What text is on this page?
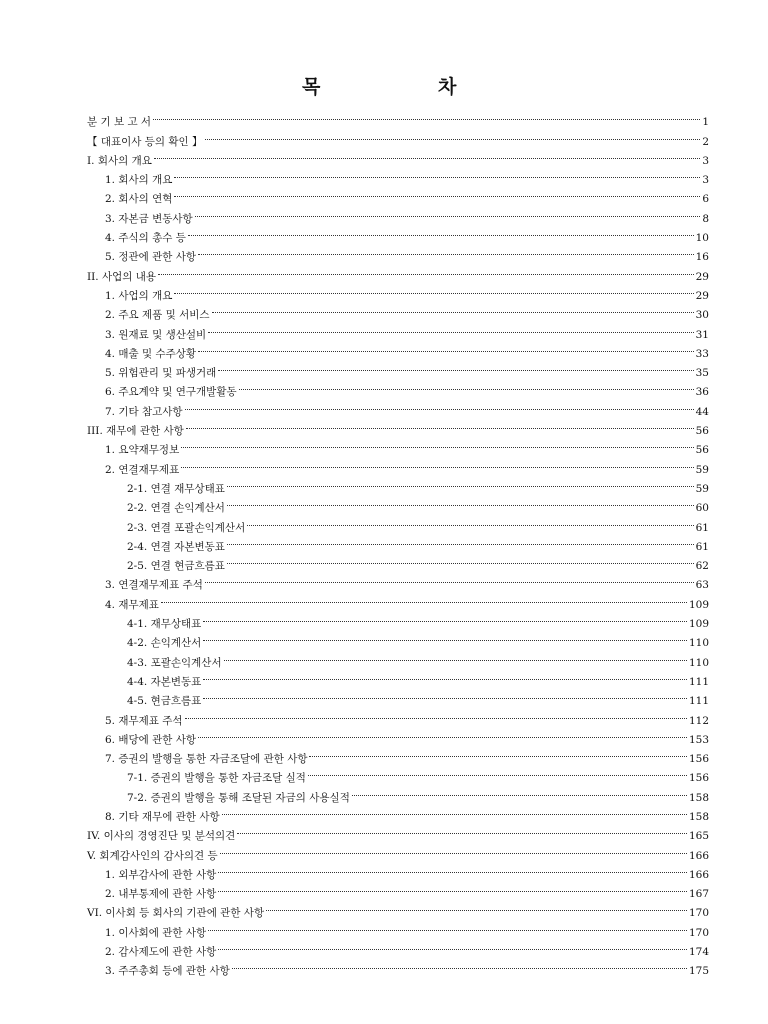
목	차
분 기 보 고 서	1
【 대표이사 등의 확인 】	2
I. 회사의 개요	3
1. 회사의 개요	3
2. 회사의 연혁	6
3. 자본금 변동사항	8
4. 주식의 총수 등	10
5. 정관에 관한 사항	16
II. 사업의 내용	29
1. 사업의 개요	29
2. 주요 제품 및 서비스	30
3. 원재료 및 생산설비	31
4. 매출 및 수주상황	33
5. 위험관리 및 파생거래	35
6. 주요계약 및 연구개발활동	36
7. 기타 참고사항	44
III. 재무에 관한 사항	56
1. 요약재무정보	56
2. 연결재무제표	59
2-1. 연결 재무상태표	59
2-2. 연결 손익계산서	60
2-3. 연결 포괄손익계산서	61
2-4. 연결 자본변동표	61
2-5. 연결 현금흐름표	62
3. 연결재무제표 주석	63
4. 재무제표	109
4-1. 재무상태표	109
4-2. 손익계산서	110
4-3. 포괄손익계산서	110
4-4. 자본변동표	111
4-5. 현금흐름표	111
5. 재무제표 주석	112
6. 배당에 관한 사항	153
7. 증권의 발행을 통한 자금조달에 관한 사항	156
7-1. 증권의 발행을 통한 자금조달 실적	156
7-2. 증권의 발행을 통해 조달된 자금의 사용실적	158
8. 기타 재무에 관한 사항	158
IV. 이사의 경영진단 및 분석의견	165
V. 회계감사인의 감사의견 등	166
1. 외부감사에 관한 사항	166
2. 내부통제에 관한 사항	167
VI. 이사회 등 회사의 기관에 관한 사항	170
1. 이사회에 관한 사항	170
2. 감사제도에 관한 사항	174
3. 주주총회 등에 관한 사항	175
